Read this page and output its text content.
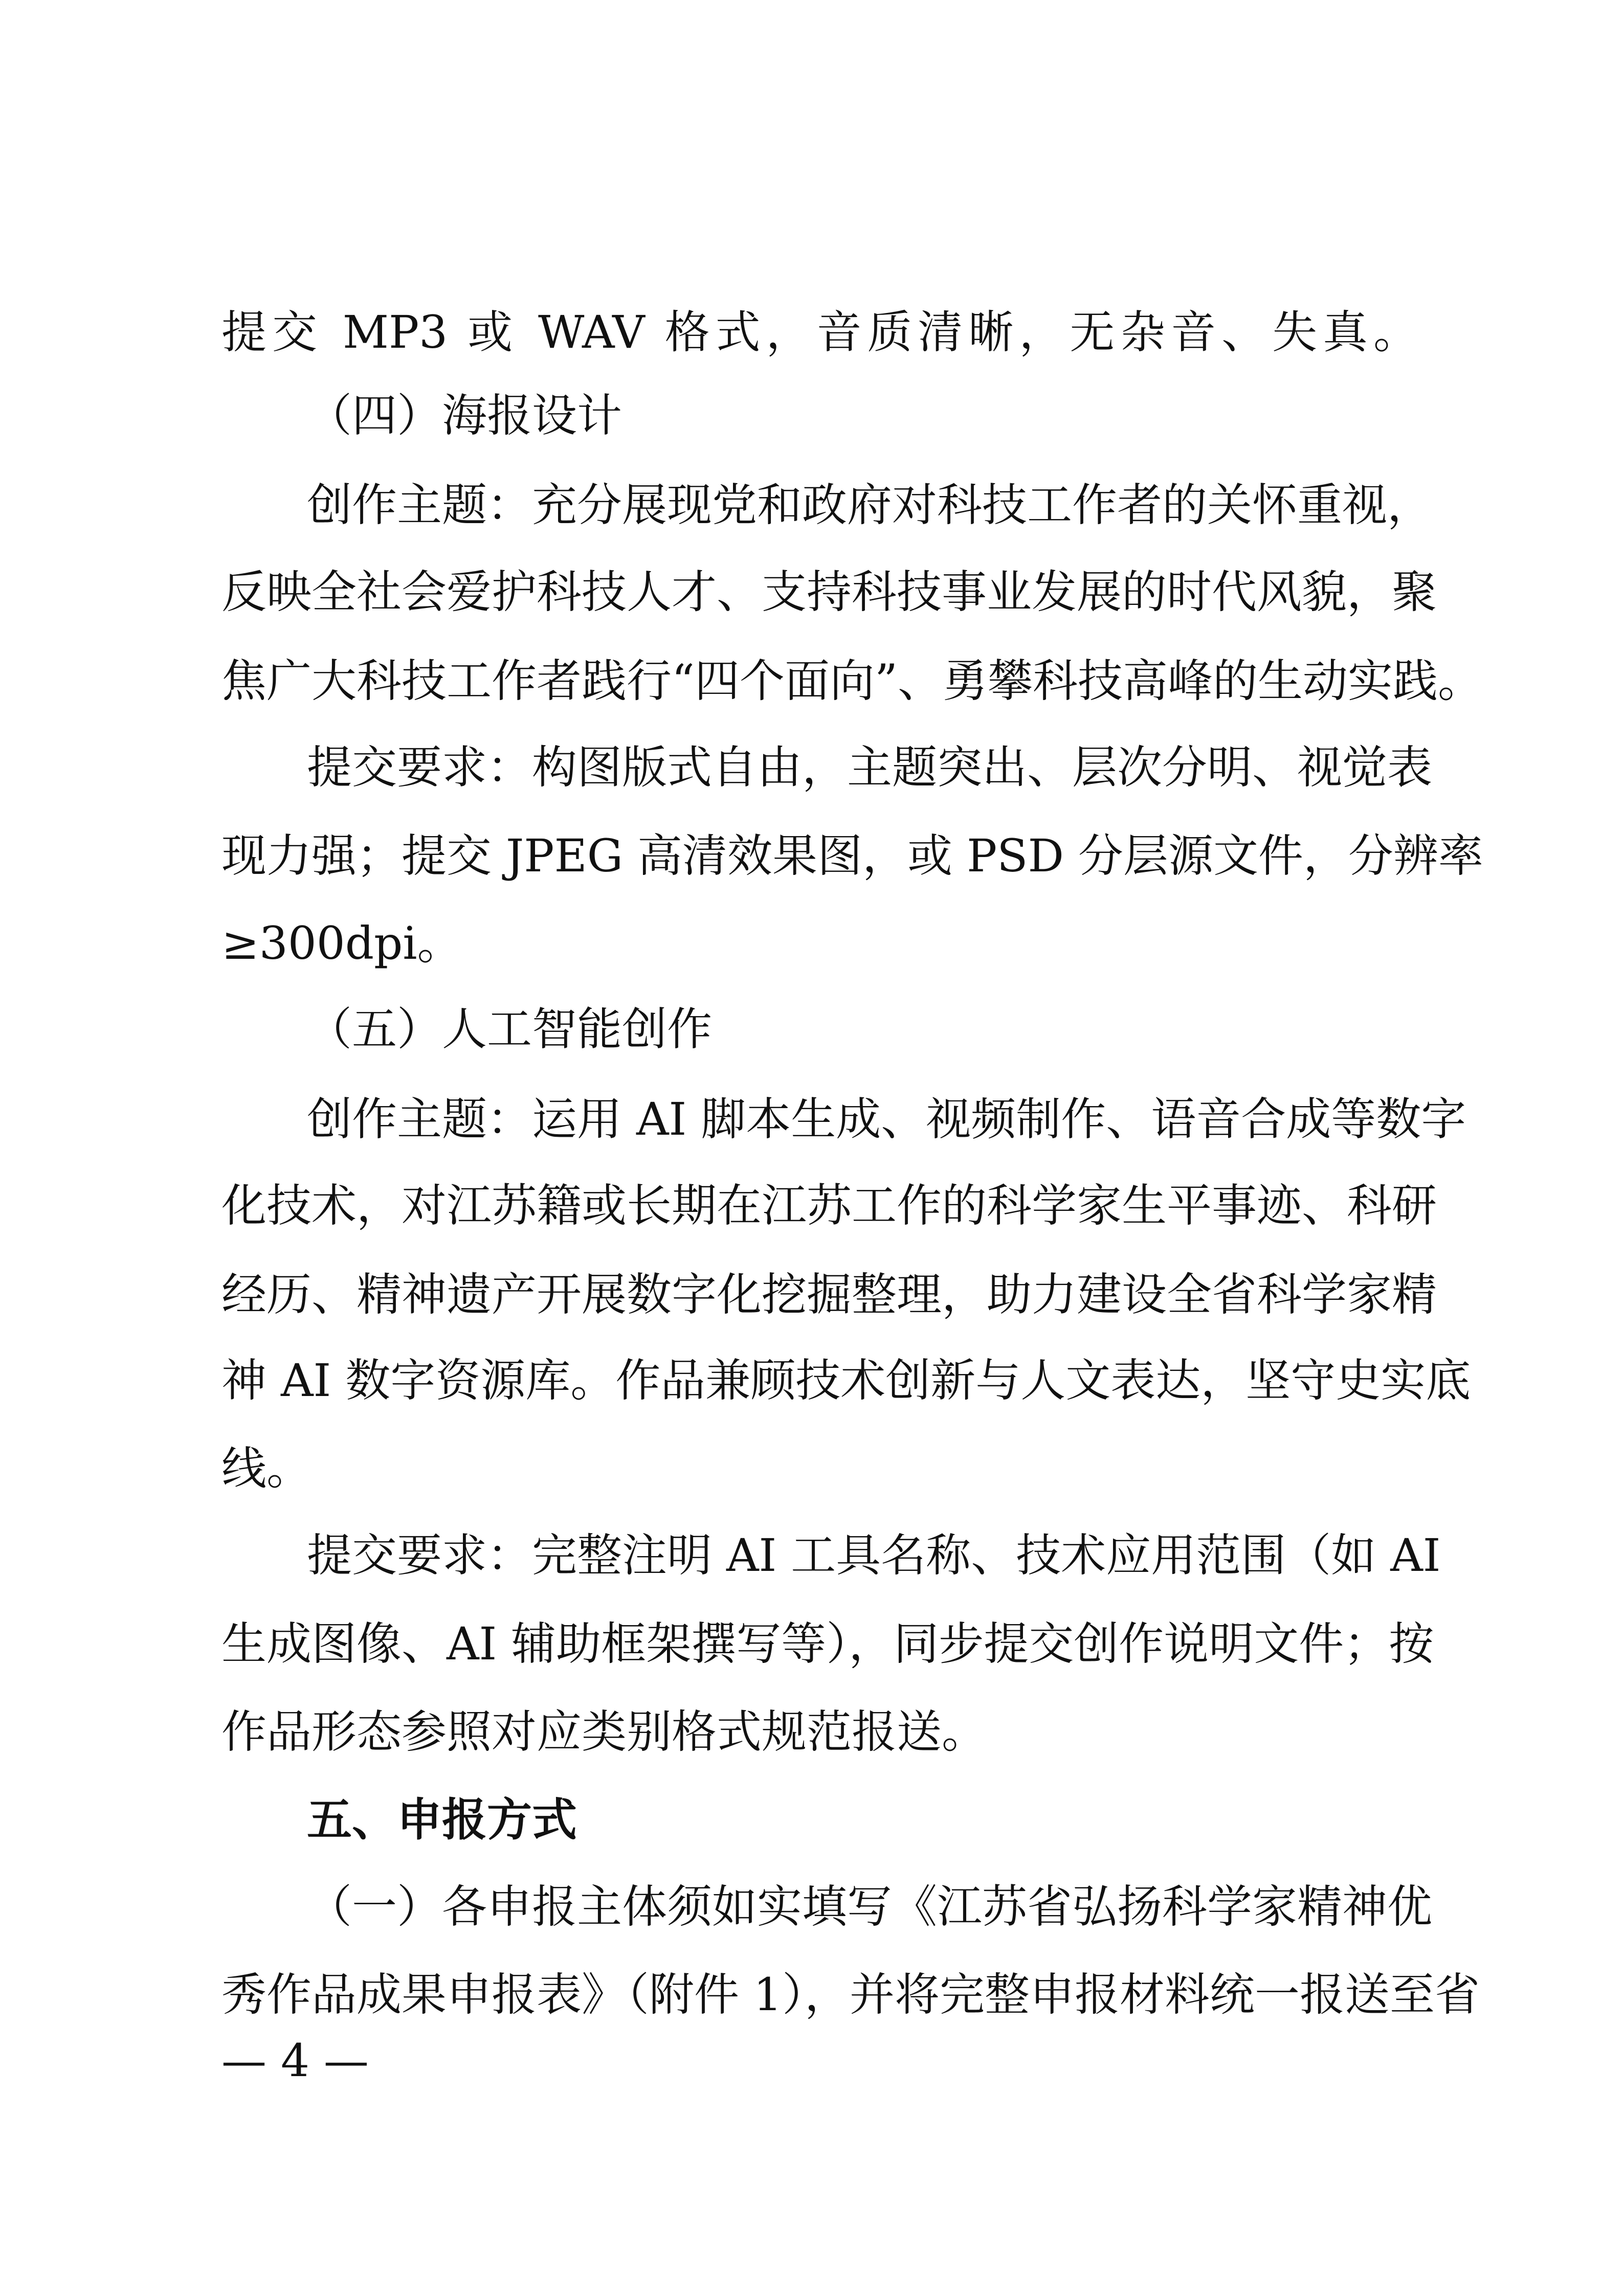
提交 MP3 或 WAV 格式，音质清晰，无杂音、失真。
（四）海报设计
创作主题：充分展现党和政府对科技工作者的关怀重视，
反映全社会爱护科技人才、支持科技事业发展的时代风貌，聚
焦广大科技工作者践行“四个面向”、勇攀科技高峰的生动实践。
提交要求：构图版式自由，主题突出、层次分明、视觉表
现力强；提交 JPEG 高清效果图，或 PSD 分层源文件，分辨率
≥300dpi。
（五）人工智能创作
创作主题：运用 AI 脚本生成、视频制作、语音合成等数字
化技术，对江苏籍或长期在江苏工作的科学家生平事迹、科研
经历、精神遗产开展数字化挖掘整理，助力建设全省科学家精
神 AI 数字资源库。作品兼顾技术创新与人文表达，坚守史实底
线。
提交要求：完整注明 AI 工具名称、技术应用范围（如 AI
生成图像、AI 辅助框架撰写等），同步提交创作说明文件；按
作品形态参照对应类别格式规范报送。
五、申报方式
（一）各申报主体须如实填写《江苏省弘扬科学家精神优
秀作品成果申报表》（附件 1），并将完整申报材料统一报送至省
— 4 —
